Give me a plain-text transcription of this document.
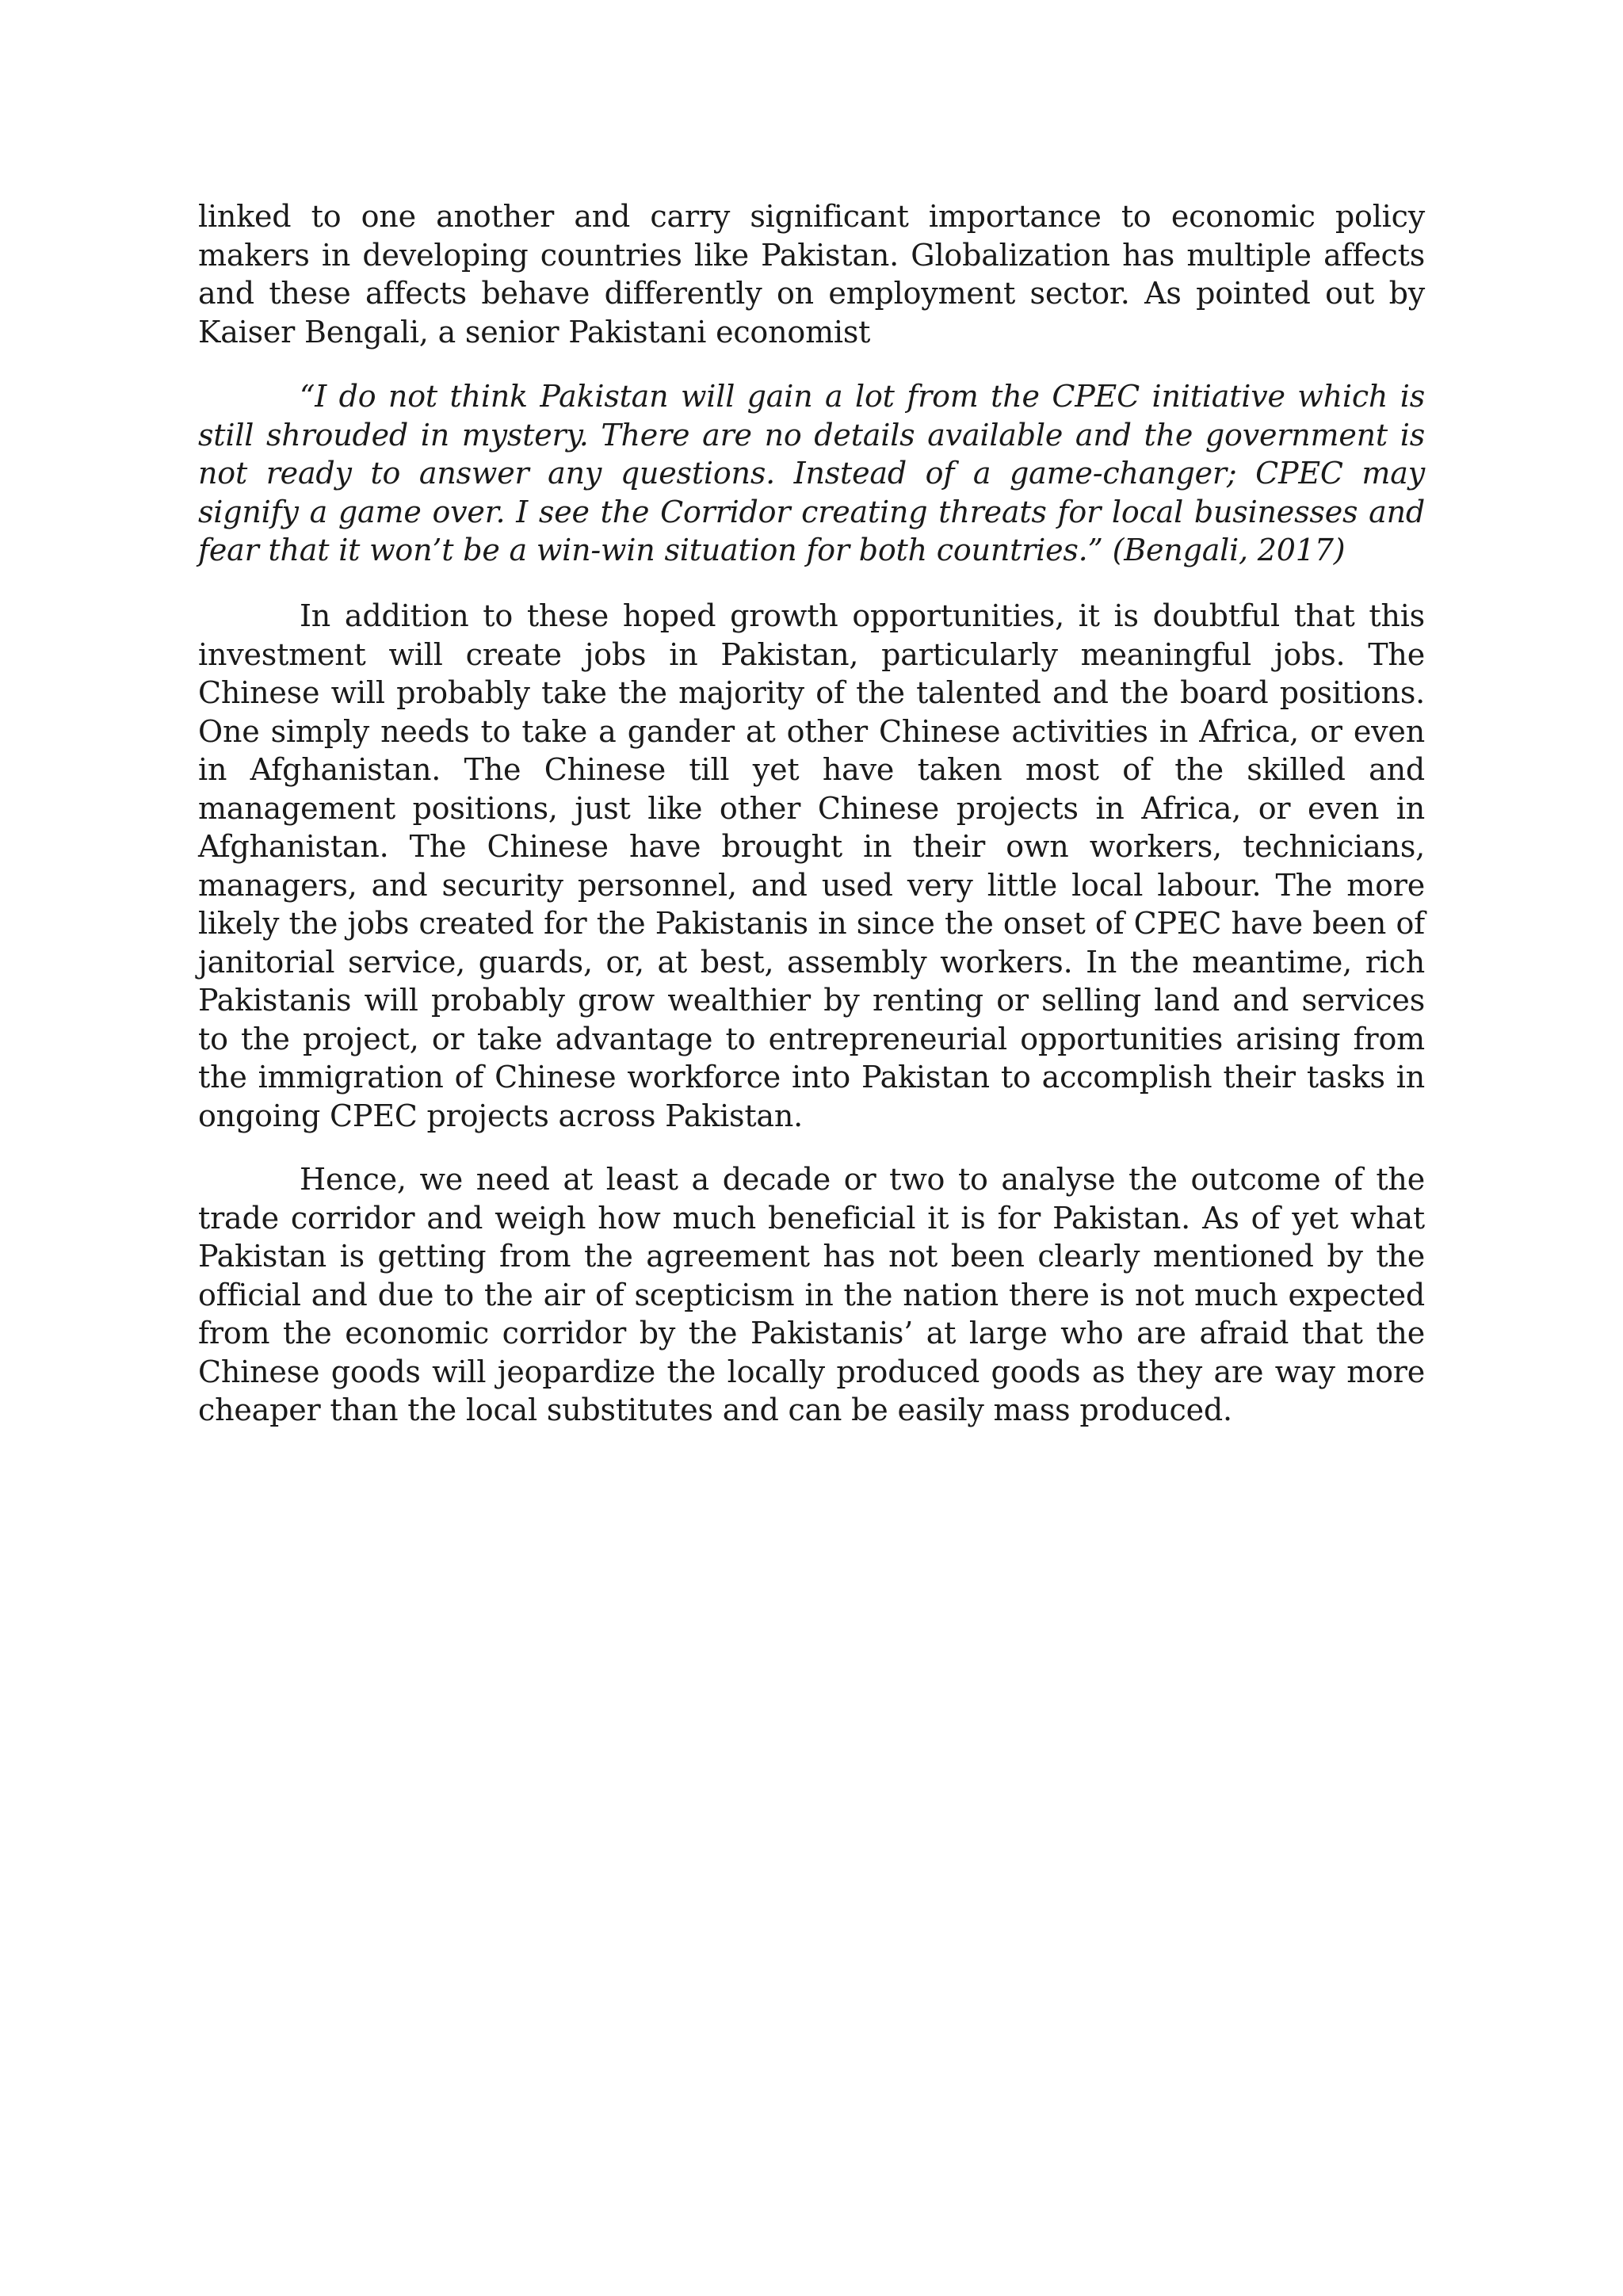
linked to one another and carry significant importance to economic policy makers in developing countries like Pakistan. Globalization has multiple affects and these affects behave differently on employment sector. As pointed out by Kaiser Bengali, a senior Pakistani economist

“I do not think Pakistan will gain a lot from the CPEC initiative which is still shrouded in mystery. There are no details available and the government is not ready to answer any questions. Instead of a game-changer; CPEC may signify a game over. I see the Corridor creating threats for local businesses and fear that it won’t be a win-win situation for both countries.” (Bengali, 2017)

In addition to these hoped growth opportunities, it is doubtful that this investment will create jobs in Pakistan, particularly meaningful jobs. The Chinese will probably take the majority of the talented and the board positions. One simply needs to take a gander at other Chinese activities in Africa, or even in Afghanistan. The Chinese till yet have taken most of the skilled and management positions, just like other Chinese projects in Africa, or even in Afghanistan. The Chinese have brought in their own workers, technicians, managers, and security personnel, and used very little local labour. The more likely the jobs created for the Pakistanis in since the onset of CPEC have been of janitorial service, guards, or, at best, assembly workers. In the meantime, rich Pakistanis will probably grow wealthier by renting or selling land and services to the project, or take advantage to entrepreneurial opportunities arising from the immigration of Chinese workforce into Pakistan to accomplish their tasks in ongoing CPEC projects across Pakistan.

Hence, we need at least a decade or two to analyse the outcome of the trade corridor and weigh how much beneficial it is for Pakistan. As of yet what Pakistan is getting from the agreement has not been clearly mentioned by the official and due to the air of scepticism in the nation there is not much expected from the economic corridor by the Pakistanis’ at large who are afraid that the Chinese goods will jeopardize the locally produced goods as they are way more cheaper than the local substitutes and can be easily mass produced.
